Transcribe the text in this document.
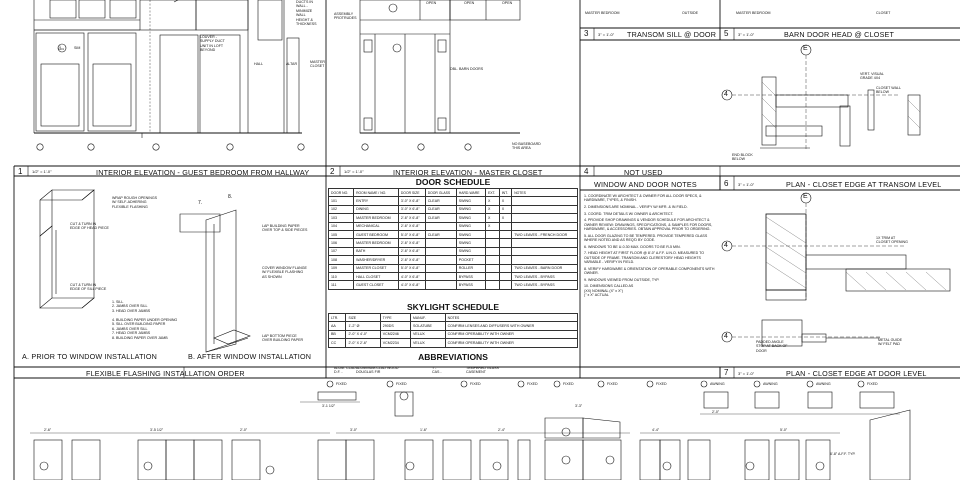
DUCTS IN
WALL -
MINIMIZE
WALL
HEIGHT &
THICKNESS
LOUVER -
SUPPLY DUCT
UNIT IN LOFT
BEYOND
HALL	ALTAR	MASTER
CLOSET
SIM
1
A401
1 1/2" = 1'-0"	INTERIOR ELEVATION - GUEST BEDROOM FROM HALLWAY
OPEN	OPEN	OPEN
ASSEMBLY
PROTRUDES
DBL. BARN DOORS
NO BASEBOARD
THIS AREA
2 1/2" = 1'-0"	INTERIOR ELEVATION - MASTER CLOSET
MASTER BEDROOM	OUTSIDE	MASTER BEDROOM	CLOSET
3 3" = 1'-0" TRANSOM SILL @ DOOR 5 3" = 1'-0"	BARN DOOR HEAD @ CLOSET
E
4
VERT. VISUAL
GRADE 4X4
CLOSET WALL
BELOW
END BLOCK
BELOW
4	NOT USED
WINDOW AND DOOR NOTES	6 3" = 1'-0"	PLAN - CLOSET EDGE AT TRANSOM LEVEL
E
4
1X TRIM AT
CLOSET OPENING
4
PADDED ANGLE
STOP AT BACK OF
DOOR
METAL GUIDE
W/ FELT PAD
7 3" = 1'-0"	PLAN - CLOSET EDGE AT DOOR LEVEL
1. COORDINATE W/ ARCHITECT & OWNER FOR ALL DOOR SPECS, & HARDWARE, TYPES, & FINISH.
2. DIMENSIONS ARE NOMINAL - VERIFY W/ MFR. & IN FIELD.
3. COORD. TRIM DETAILS W/ OWNER & ARCHITECT.
4. PROVIDE SHOP DRAWINGS & VENDOR SCHEDULE FOR ARCHITECT & OWNER REVIEW: DRAWINGS, SPECIFICATIONS, & SAMPLES FOR DOORS, HARDWARE, & ACCESSORIES. OBTAIN APPROVAL PRIOR TO ORDERING.
5. ALL DOOR GLAZING TO BE TEMPERED. PROVIDE TEMPERED GLASS WHERE NOTED AND AS REQ'D BY CODE.
6. WINDOWS TO BE U-0.30 MAX. DOORS TO BE R-5 MIN.
7. HEAD HEIGHT AT FIRST FLOOR @ 8'-0" A.F.F. U.N.O. MEASURED TO OUTSIDE OF FRAME. TRANSOM AND CLERESTORY HEAD HEIGHTS VARIABLE - VERIFY IN FIELD.
8. VERIFY HARDWARE & ORIENTATION OF OPERABLE COMPONENTS WITH OWNER.
9. WINDOWS VIEWED FROM OUTSIDE, TYP.
10. DIMENSIONS CALLED AS
(XX) NOMINAL (X" x X")
(" x X" ACTUAL
DOOR SCHEDULE
DOOR NO.	ROOM NAME / NO.	DOOR SIZE	DOOR GLASS	HARD-WARE	EXT.	INT.	NOTES
101	ENTRY	3'-0" X 6'-8"	CLEAR	SWING	X	X	
102	DINING	3'-0" X 6'-8"	CLEAR	SWING	X	X	
103	MASTER BEDROOM	2'-6" X 6'-8"	CLEAR	SWING	X	X	
104	MECHANICAL	2'-6" X 6'-8"		SWING	X		
105	GUEST BEDROOM	5'-0" X 6'-8"	CLEAR	SWING			TWO LEAVES - FRENCH DOOR
106	MASTER BEDROOM	2'-6" X 6'-8"		SWING			
107	BATH	2'-6" X 6'-8"		SWING			
108	WASHER/DRYER	2'-6" X 6'-8"		POCKET			
109	MASTER CLOSET	5'-0" X 6'-8"		ROLLER			TWO LEAVES - BARN DOOR
110	HALL CLOSET	4'-0" X 6'-8"		BYPASS			TWO LEAVES - BYPASS
111	GUEST CLOSET	4'-0" X 6'-8"		BYPASS			TWO LEAVES - BYPASS
SKYLIGHT SCHEDULE
LTR.	SIZE	TYPE	MANUF.	NOTES
AA	1'-2" Ø	290DS	SOLATUBE	CONFIRM LENSES AND DIFFUSERS WITH OWNER
BB	2'-0" X 4'-0"	VCM2246	VELUX	CONFIRM OPERABILITY WITH OWNER
CC	2'-0" X 2'-6"	VCM2234	VELUX	CONFIRM OPERABILITY WITH OWNER
ABBREVIATIONS
ALUM. CLAD -
D.F. -
ALUMINUM-CLAD WOOD
DOUGLAS FIR
T -
CAS -
TEMPERED GLASS
CASEMENT
WRAP ROUGH OPENINGS
W/ SELF-ADHERING
FLEXIBLE FLASHING
CUT & TURN IN
EDGE OF HEAD PIECE
CUT & TURN IN
EDGE OF SILL PIECE
1. SILL
2. JAMBS OVER SILL
3. HEAD OVER JAMBS
4. BUILDING PAPER UNDER OPENING
5. SILL OVER BUILDING PAPER
6. JAMBS OVER SILL
7. HEAD OVER JAMBS
8. BUILDING PAPER OVER JAMB
LAP BUILDING PAPER
OVER TOP & SIDE PIECES
COVER WINDOW FLANGE
W/ FLEXIBLE FLASHING
AS SHOWN
LAP BOTTOM PIECE
OVER BUILDING PAPER
7.
8.
A. PRIOR TO WINDOW INSTALLATION	B. AFTER WINDOW INSTALLATION
FLEXIBLE FLASHING INSTALLATION ORDER
FIXED	FIXED	FIXED	FIXED	FIXED	FIXED	FIXED	AWNING	AWNING	AWNING	FIXED
3'-1 1/2"
2'-6"	3'-5 1/2"	2'-0"	3'-0"	1'-6"	2'-4"
3'-3"
4'-4"
2'-0"
5'-0"
6'-8" A.F.F. TYP.
